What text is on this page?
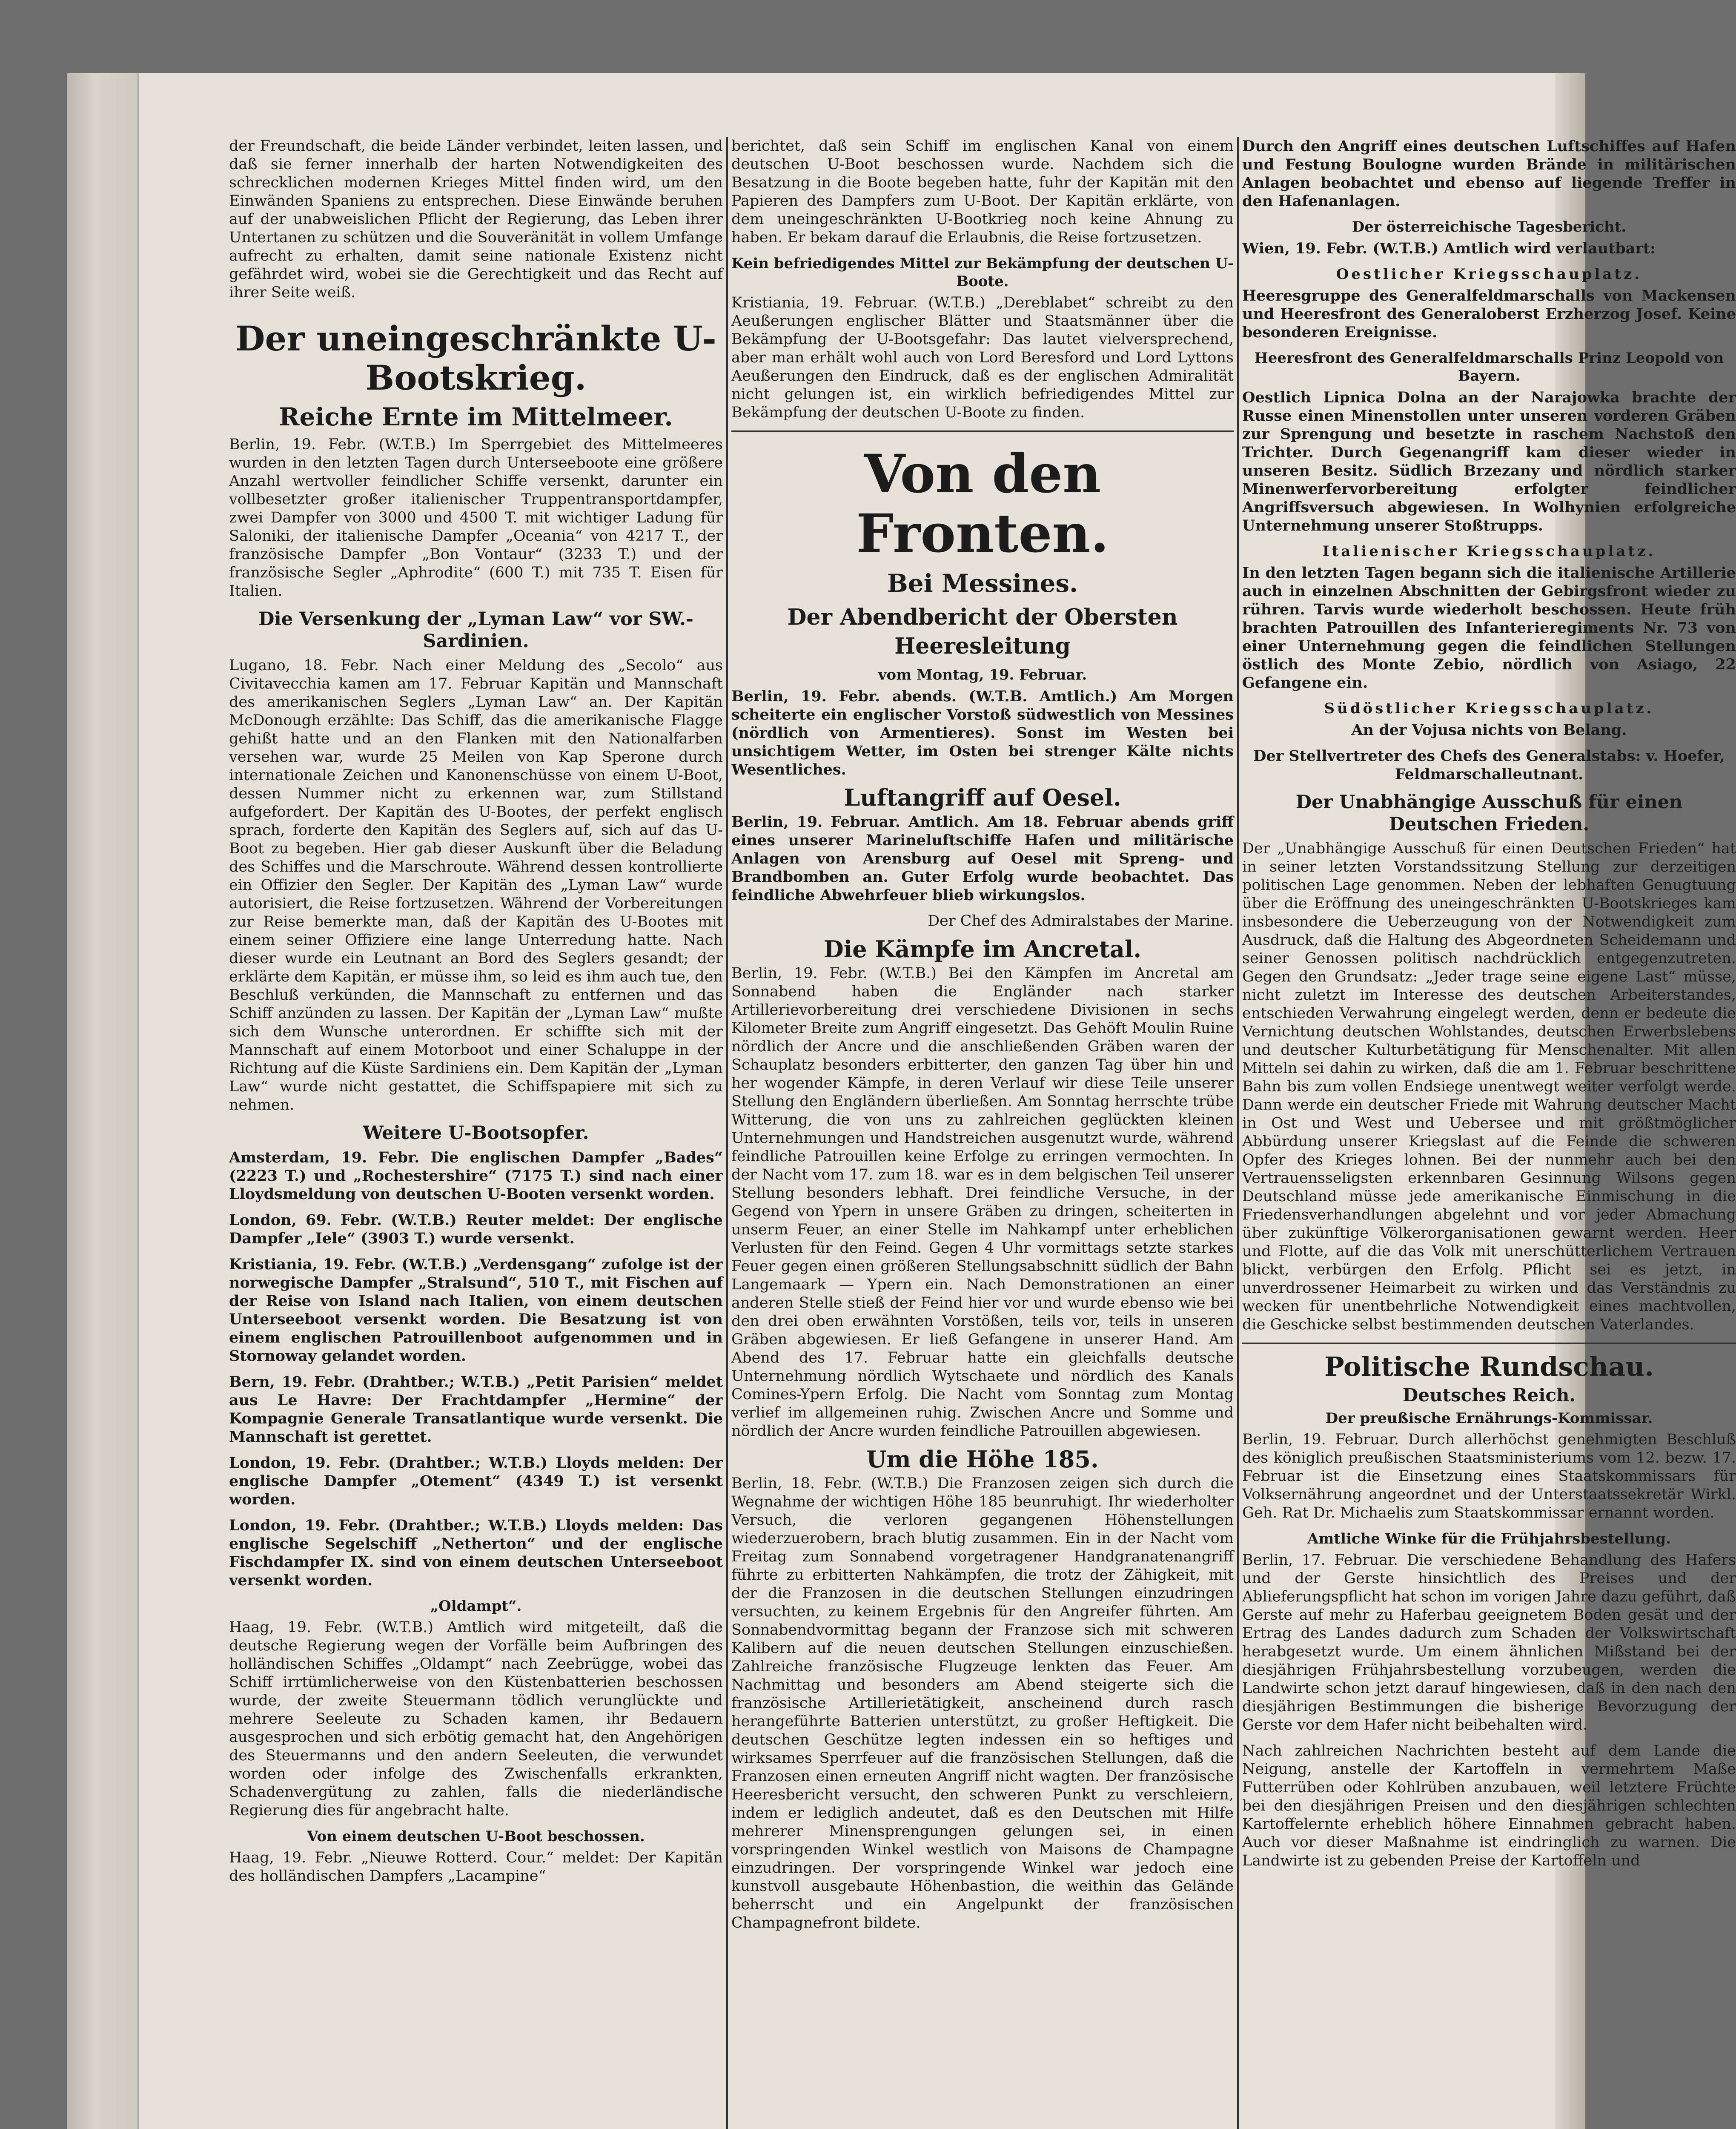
der Freundschaft, die beide Länder verbindet, leiten lassen, und daß sie ferner innerhalb der harten Notwendigkeiten des schrecklichen modernen Krieges Mittel finden wird, um den Einwänden Spaniens zu entsprechen. Diese Einwände beruhen auf der unabweislichen Pflicht der Regierung, das Leben ihrer Untertanen zu schützen und die Souveränität in vollem Umfange aufrecht zu erhalten, damit seine nationale Existenz nicht gefährdet wird, wobei sie die Gerechtigkeit und das Recht auf ihrer Seite weiß.

Der uneingeschränkte U-Bootskrieg.
Reiche Ernte im Mittelmeer.

Berlin, 19. Febr. (W.T.B.) Im Sperrgebiet des Mittelmeeres wurden in den letzten Tagen durch Unterseeboote eine größere Anzahl wertvoller feindlicher Schiffe versenkt, darunter ein vollbesetzter großer italienischer Truppentransportdampfer, zwei Dampfer von 3000 und 4500 T. mit wichtiger Ladung für Saloniki, der italienische Dampfer „Oceania“ von 4217 T., der französische Dampfer „Bon Vontaur“ (3233 T.) und der französische Segler „Aphrodite“ (600 T.) mit 735 T. Eisen für Italien.

Die Versenkung der „Lyman Law“ vor SW.-Sardinien.

Lugano, 18. Febr. Nach einer Meldung des „Secolo“ aus Civitavecchia kamen am 17. Februar Kapitän und Mannschaft des amerikanischen Seglers „Lyman Law“ an. Der Kapitän McDonough erzählte: Das Schiff, das die amerikanische Flagge gehißt hatte und an den Flanken mit den Nationalfarben versehen war, wurde 25 Meilen von Kap Sperone durch internationale Zeichen und Kanonenschüsse von einem U-Boot, dessen Nummer nicht zu erkennen war, zum Stillstand aufgefordert. Der Kapitän des U-Bootes, der perfekt englisch sprach, forderte den Kapitän des Seglers auf, sich auf das U-Boot zu begeben. Hier gab dieser Auskunft über die Beladung des Schiffes und die Marschroute. Während dessen kontrollierte ein Offizier den Segler. Der Kapitän des „Lyman Law“ wurde autorisiert, die Reise fortzusetzen. Während der Vorbereitungen zur Reise bemerkte man, daß der Kapitän des U-Bootes mit einem seiner Offiziere eine lange Unterredung hatte. Nach dieser wurde ein Leutnant an Bord des Seglers gesandt; der erklärte dem Kapitän, er müsse ihm, so leid es ihm auch tue, den Beschluß verkünden, die Mannschaft zu entfernen und das Schiff anzünden zu lassen. Der Kapitän der „Lyman Law“ mußte sich dem Wunsche unterordnen. Er schiffte sich mit der Mannschaft auf einem Motorboot und einer Schaluppe in der Richtung auf die Küste Sardiniens ein. Dem Kapitän der „Lyman Law“ wurde nicht gestattet, die Schiffspapiere mit sich zu nehmen.

Weitere U-Bootsopfer.

Amsterdam, 19. Febr. Die englischen Dampfer „Bades“ (2223 T.) und „Rochestershire“ (7175 T.) sind nach einer Lloydsmeldung von deutschen U-Booten versenkt worden.

London, 69. Febr. (W.T.B.) Reuter meldet: Der englische Dampfer „Iele“ (3903 T.) wurde versenkt.

Kristiania, 19. Febr. (W.T.B.) „Verdensgang“ zufolge ist der norwegische Dampfer „Stralsund“, 510 T., mit Fischen auf der Reise von Island nach Italien, von einem deutschen Unterseeboot versenkt worden. Die Besatzung ist von einem englischen Patrouillenboot aufgenommen und in Stornoway gelandet worden.

Bern, 19. Febr. (Drahtber.; W.T.B.) „Petit Parisien“ meldet aus Le Havre: Der Frachtdampfer „Hermine“ der Kompagnie Generale Transatlantique wurde versenkt. Die Mannschaft ist gerettet.

London, 19. Febr. (Drahtber.; W.T.B.) Lloyds melden: Der englische Dampfer „Otement“ (4349 T.) ist versenkt worden.

London, 19. Febr. (Drahtber.; W.T.B.) Lloyds melden: Das englische Segelschiff „Netherton“ und der englische Fischdampfer IX. sind von einem deutschen Unterseeboot versenkt worden.

„Oldampt“.

Haag, 19. Febr. (W.T.B.) Amtlich wird mitgeteilt, daß die deutsche Regierung wegen der Vorfälle beim Aufbringen des holländischen Schiffes „Oldampt“ nach Zeebrügge, wobei das Schiff irrtümlicherweise von den Küstenbatterien beschossen wurde, der zweite Steuermann tödlich verunglückte und mehrere Seeleute zu Schaden kamen, ihr Bedauern ausgesprochen und sich erbötig gemacht hat, den Angehörigen des Steuermanns und den andern Seeleuten, die verwundet worden oder infolge des Zwischenfalls erkrankten, Schadenvergütung zu zahlen, falls die niederländische Regierung dies für angebracht halte.

Von einem deutschen U-Boot beschossen.

Haag, 19. Febr. „Nieuwe Rotterd. Cour.“ meldet: Der Kapitän des holländischen Dampfers „Lacampine“

berichtet, daß sein Schiff im englischen Kanal von einem deutschen U-Boot beschossen wurde. Nachdem sich die Besatzung in die Boote begeben hatte, fuhr der Kapitän mit den Papieren des Dampfers zum U-Boot. Der Kapitän erklärte, von dem uneingeschränkten U-Bootkrieg noch keine Ahnung zu haben. Er bekam darauf die Erlaubnis, die Reise fortzusetzen.

Kein befriedigendes Mittel zur Bekämpfung der deutschen U-Boote.

Kristiania, 19. Februar. (W.T.B.) „Dereblabet“ schreibt zu den Aeußerungen englischer Blätter und Staatsmänner über die Bekämpfung der U-Bootsgefahr: Das lautet vielversprechend, aber man erhält wohl auch von Lord Beresford und Lord Lyttons Aeußerungen den Eindruck, daß es der englischen Admiralität nicht gelungen ist, ein wirklich befriedigendes Mittel zur Bekämpfung der deutschen U-Boote zu finden.

Von den Fronten.
Bei Messines.
Der Abendbericht der Obersten Heeresleitung
vom Montag, 19. Februar.

Berlin, 19. Febr. abends. (W.T.B. Amtlich.) Am Morgen scheiterte ein englischer Vorstoß südwestlich von Messines (nördlich von Armentieres). Sonst im Westen bei unsichtigem Wetter, im Osten bei strenger Kälte nichts Wesentliches.

Luftangriff auf Oesel.

Berlin, 19. Februar. Amtlich. Am 18. Februar abends griff eines unserer Marineluftschiffe Hafen und militärische Anlagen von Arensburg auf Oesel mit Spreng- und Brandbomben an. Guter Erfolg wurde beobachtet. Das feindliche Abwehrfeuer blieb wirkungslos.

Der Chef des Admiralstabes der Marine.

Die Kämpfe im Ancretal.

Berlin, 19. Febr. (W.T.B.) Bei den Kämpfen im Ancretal am Sonnabend haben die Engländer nach starker Artillerievorbereitung drei verschiedene Divisionen in sechs Kilometer Breite zum Angriff eingesetzt. Das Gehöft Moulin Ruine nördlich der Ancre und die anschließenden Gräben waren der Schauplatz besonders erbitterter, den ganzen Tag über hin und her wogender Kämpfe, in deren Verlauf wir diese Teile unserer Stellung den Engländern überließen. Am Sonntag herrschte trübe Witterung, die von uns zu zahlreichen geglückten kleinen Unternehmungen und Handstreichen ausgenutzt wurde, während feindliche Patrouillen keine Erfolge zu erringen vermochten. In der Nacht vom 17. zum 18. war es in dem belgischen Teil unserer Stellung besonders lebhaft. Drei feindliche Versuche, in der Gegend von Ypern in unsere Gräben zu dringen, scheiterten in unserm Feuer, an einer Stelle im Nahkampf unter erheblichen Verlusten für den Feind. Gegen 4 Uhr vormittags setzte starkes Feuer gegen einen größeren Stellungsabschnitt südlich der Bahn Langemaark — Ypern ein. Nach Demonstrationen an einer anderen Stelle stieß der Feind hier vor und wurde ebenso wie bei den drei oben erwähnten Vorstößen, teils vor, teils in unseren Gräben abgewiesen. Er ließ Gefangene in unserer Hand. Am Abend des 17. Februar hatte ein gleichfalls deutsche Unternehmung nördlich Wytschaete und nördlich des Kanals Comines-Ypern Erfolg. Die Nacht vom Sonntag zum Montag verlief im allgemeinen ruhig. Zwischen Ancre und Somme und nördlich der Ancre wurden feindliche Patrouillen abgewiesen.

Um die Höhe 185.

Berlin, 18. Febr. (W.T.B.) Die Franzosen zeigen sich durch die Wegnahme der wichtigen Höhe 185 beunruhigt. Ihr wiederholter Versuch, die verloren gegangenen Höhenstellungen wiederzuerobern, brach blutig zusammen. Ein in der Nacht vom Freitag zum Sonnabend vorgetragener Handgranatenangriff führte zu erbitterten Nahkämpfen, die trotz der Zähigkeit, mit der die Franzosen in die deutschen Stellungen einzudringen versuchten, zu keinem Ergebnis für den Angreifer führten. Am Sonnabendvormittag begann der Franzose sich mit schweren Kalibern auf die neuen deutschen Stellungen einzuschießen. Zahlreiche französische Flugzeuge lenkten das Feuer. Am Nachmittag und besonders am Abend steigerte sich die französische Artillerietätigkeit, anscheinend durch rasch herangeführte Batterien unterstützt, zu großer Heftigkeit. Die deutschen Geschütze legten indessen ein so heftiges und wirksames Sperrfeuer auf die französischen Stellungen, daß die Franzosen einen erneuten Angriff nicht wagten. Der französische Heeresbericht versucht, den schweren Punkt zu verschleiern, indem er lediglich andeutet, daß es den Deutschen mit Hilfe mehrerer Minensprengungen gelungen sei, in einen vorspringenden Winkel westlich von Maisons de Champagne einzudringen. Der vorspringende Winkel war jedoch eine kunstvoll ausgebaute Höhenbastion, die weithin das Gelände beherrscht und ein Angelpunkt der französischen Champagnefront bildete.

Durch den Angriff eines deutschen Luftschiffes auf Hafen und Festung Boulogne wurden Brände in militärischen Anlagen beobachtet und ebenso auf liegende Treffer in den Hafenanlagen.

Der österreichische Tagesbericht.

Wien, 19. Febr. (W.T.B.) Amtlich wird verlautbart:

Oestlicher Kriegsschauplatz.

Heeresgruppe des Generalfeldmarschalls von Mackensen und Heeresfront des Generaloberst Erzherzog Josef. Keine besonderen Ereignisse.

Heeresfront des Generalfeldmarschalls Prinz Leopold von Bayern.

Oestlich Lipnica Dolna an der Narajowka brachte der Russe einen Minenstollen unter unseren vorderen Gräben zur Sprengung und besetzte in raschem Nachstoß den Trichter. Durch Gegenangriff kam dieser wieder in unseren Besitz. Südlich Brzezany und nördlich starker Minenwerfervorbereitung erfolgter feindlicher Angriffsversuch abgewiesen. In Wolhynien erfolgreiche Unternehmung unserer Stoßtrupps.

Italienischer Kriegsschauplatz.

In den letzten Tagen begann sich die italienische Artillerie auch in einzelnen Abschnitten der Gebirgsfront wieder zu rühren. Tarvis wurde wiederholt beschossen. Heute früh brachten Patrouillen des Infanterieregiments Nr. 73 von einer Unternehmung gegen die feindlichen Stellungen östlich des Monte Zebio, nördlich von Asiago, 22 Gefangene ein.

Südöstlicher Kriegsschauplatz.

An der Vojusa nichts von Belang.

Der Stellvertreter des Chefs des Generalstabs: v. Hoefer, Feldmarschalleutnant.

Der Unabhängige Ausschuß für einen Deutschen Frieden.

Der „Unabhängige Ausschuß für einen Deutschen Frieden“ hat in seiner letzten Vorstandssitzung Stellung zur derzeitigen politischen Lage genommen. Neben der lebhaften Genugtuung über die Eröffnung des uneingeschränkten U-Bootskrieges kam insbesondere die Ueberzeugung von der Notwendigkeit zum Ausdruck, daß die Haltung des Abgeordneten Scheidemann und seiner Genossen politisch nachdrücklich entgegenzutreten. Gegen den Grundsatz: „Jeder trage seine eigene Last“ müsse, nicht zuletzt im Interesse des deutschen Arbeiterstandes, entschieden Verwahrung eingelegt werden, denn er bedeute die Vernichtung deutschen Wohlstandes, deutschen Erwerbslebens und deutscher Kulturbetätigung für Menschenalter. Mit allen Mitteln sei dahin zu wirken, daß die am 1. Februar beschrittene Bahn bis zum vollen Endsiege unentwegt weiter verfolgt werde. Dann werde ein deutscher Friede mit Wahrung deutscher Macht in Ost und West und Uebersee und mit größtmöglicher Abbürdung unserer Kriegslast auf die Feinde die schweren Opfer des Krieges lohnen. Bei der nunmehr auch bei den Vertrauensseligsten erkennbaren Gesinnung Wilsons gegen Deutschland müsse jede amerikanische Einmischung in die Friedensverhandlungen abgelehnt und vor jeder Abmachung über zukünftige Völkerorganisationen gewarnt werden. Heer und Flotte, auf die das Volk mit unerschütterlichem Vertrauen blickt, verbürgen den Erfolg. Pflicht sei es jetzt, in unverdrossener Heimarbeit zu wirken und das Verständnis zu wecken für unentbehrliche Notwendigkeit eines machtvollen, die Geschicke selbst bestimmenden deutschen Vaterlandes.

Politische Rundschau.
Deutsches Reich.
Der preußische Ernährungs-Kommissar.

Berlin, 19. Februar. Durch allerhöchst genehmigten Beschluß des königlich preußischen Staatsministeriums vom 12. bezw. 17. Februar ist die Einsetzung eines Staatskommissars für Volksernährung angeordnet und der Unterstaatssekretär Wirkl. Geh. Rat Dr. Michaelis zum Staatskommissar ernannt worden.

Amtliche Winke für die Frühjahrsbestellung.

Berlin, 17. Februar. Die verschiedene Behandlung des Hafers und der Gerste hinsichtlich des Preises und der Ablieferungspflicht hat schon im vorigen Jahre dazu geführt, daß Gerste auf mehr zu Haferbau geeignetem Boden gesät und der Ertrag des Landes dadurch zum Schaden der Volkswirtschaft herabgesetzt wurde. Um einem ähnlichen Mißstand bei der diesjährigen Frühjahrsbestellung vorzubeugen, werden die Landwirte schon jetzt darauf hingewiesen, daß in den nach den diesjährigen Bestimmungen die bisherige Bevorzugung der Gerste vor dem Hafer nicht beibehalten wird.

Nach zahlreichen Nachrichten besteht auf dem Lande die Neigung, anstelle der Kartoffeln in vermehrtem Maße Futterrüben oder Kohlrüben anzubauen, weil letztere Früchte bei den diesjährigen Preisen und den diesjährigen schlechten Kartoffelernte erheblich höhere Einnahmen gebracht haben. Auch vor dieser Maßnahme ist eindringlich zu warnen. Die Landwirte ist zu gebenden Preise der Kartoffeln und
